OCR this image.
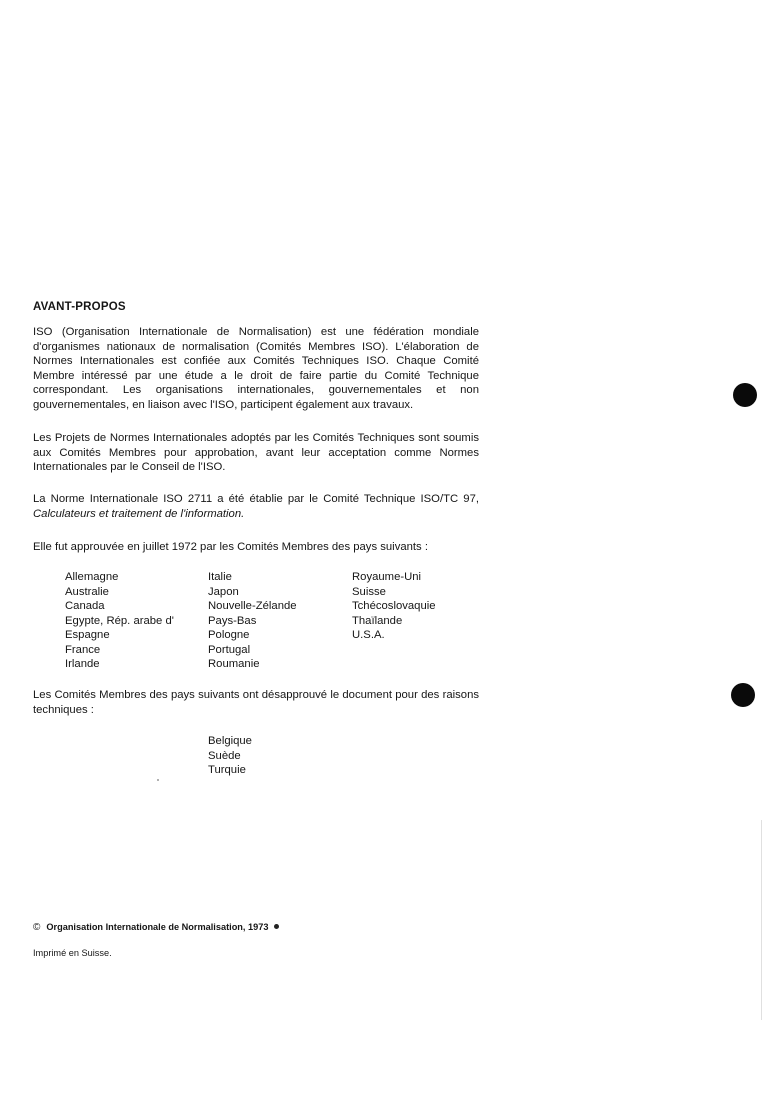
AVANT-PROPOS

ISO (Organisation Internationale de Normalisation) est une fédération mondiale d'organismes nationaux de normalisation (Comités Membres ISO). L'élaboration de Normes Internationales est confiée aux Comités Techniques ISO. Chaque Comité Membre intéressé par une étude a le droit de faire partie du Comité Technique correspondant. Les organisations internationales, gouvernementales et non gouvernementales, en liaison avec l'ISO, participent également aux travaux.

Les Projets de Normes Internationales adoptés par les Comités Techniques sont soumis aux Comités Membres pour approbation, avant leur acceptation comme Normes Internationales par le Conseil de l'ISO.

La Norme Internationale ISO 2711 a été établie par le Comité Technique ISO/TC 97, Calculateurs et traitement de l'information.

Elle fut approuvée en juillet 1972 par les Comités Membres des pays suivants :

Allemagne
Australie
Canada
Egypte, Rép. arabe d'
Espagne
France
Irlande
Italie
Japon
Nouvelle-Zélande
Pays-Bas
Pologne
Portugal
Roumanie
Royaume-Uni
Suisse
Tchécoslovaquie
Thaïlande
U.S.A.

Les Comités Membres des pays suivants ont désapprouvé le document pour des raisons techniques :

Belgique
Suède
Turquie

© Organisation Internationale de Normalisation, 1973

Imprimé en Suisse.
